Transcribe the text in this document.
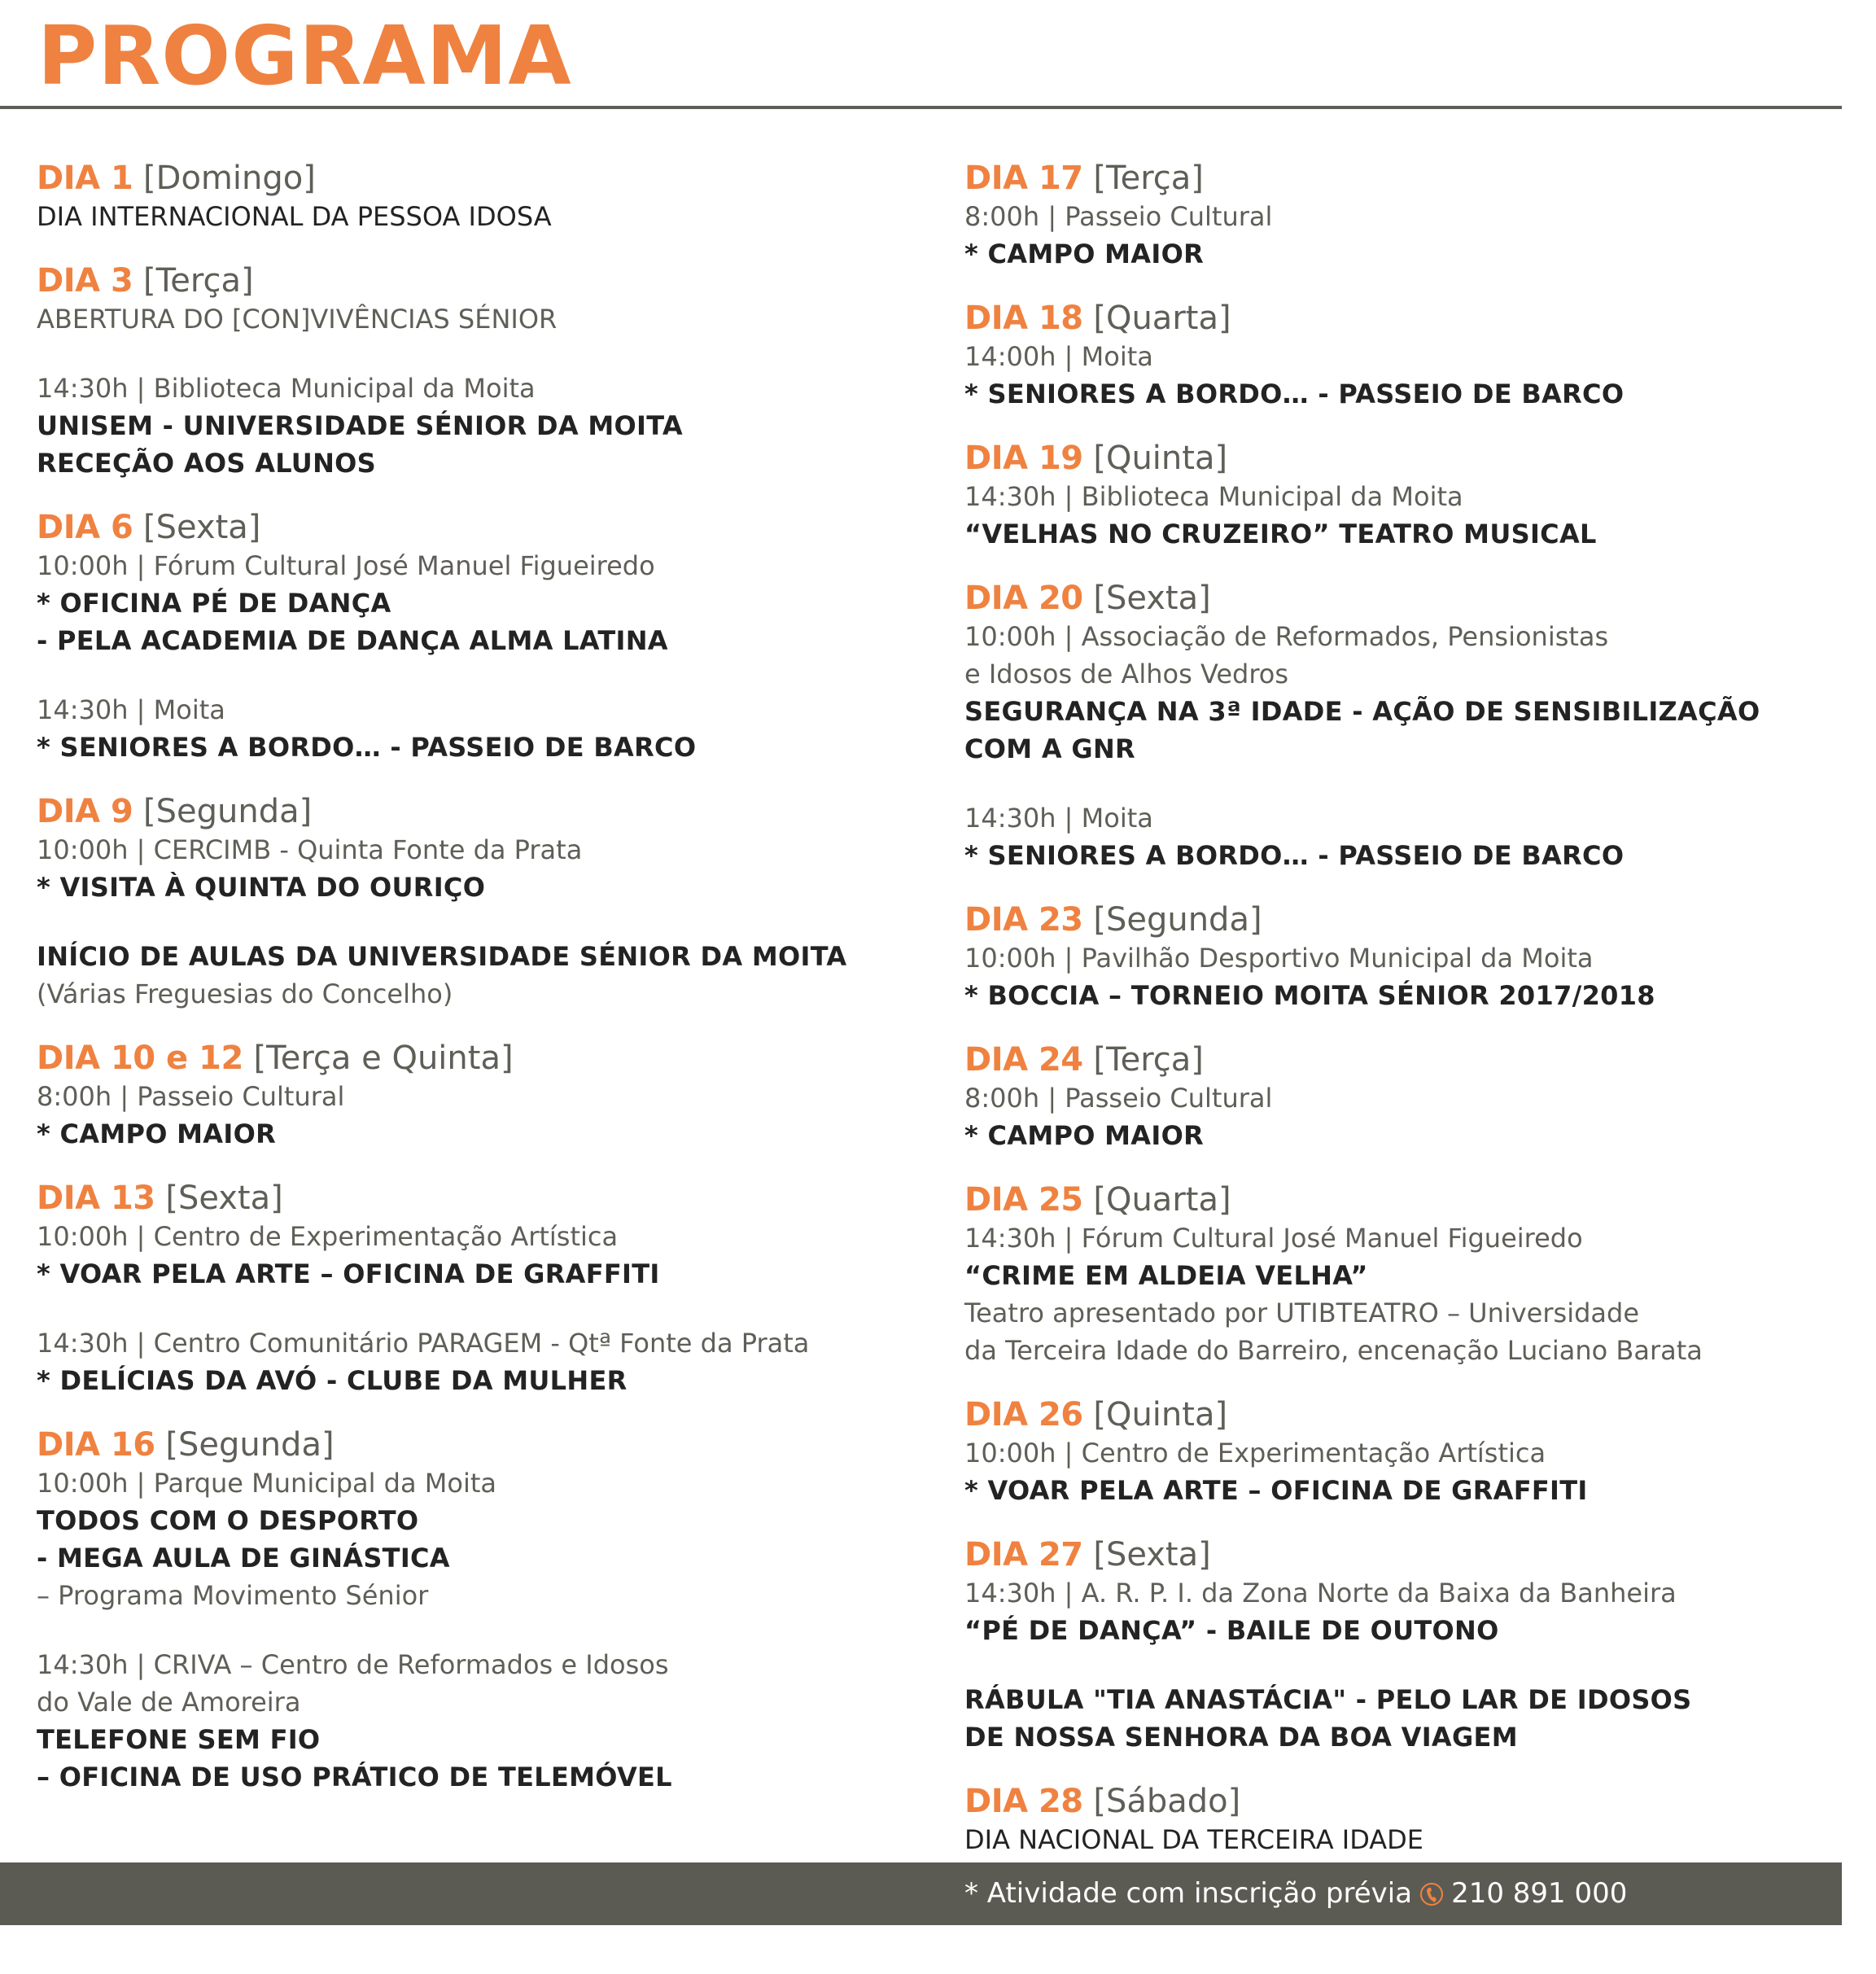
PROGRAMA
DIA 1 [Domingo]
DIA INTERNACIONAL DA PESSOA IDOSA
DIA 3 [Terça]
ABERTURA DO [CON]VIVÊNCIAS SÉNIOR
14:30h | Biblioteca Municipal da Moita
UNISEM - UNIVERSIDADE SÉNIOR DA MOITA
RECEÇÃO AOS ALUNOS
DIA 6 [Sexta]
10:00h | Fórum Cultural José Manuel Figueiredo
* OFICINA PÉ DE DANÇA
- PELA ACADEMIA DE DANÇA ALMA LATINA
14:30h | Moita
* SENIORES A BORDO… - PASSEIO DE BARCO
DIA 9 [Segunda]
10:00h | CERCIMB - Quinta Fonte da Prata
* VISITA À QUINTA DO OURIÇO
INÍCIO DE AULAS DA UNIVERSIDADE SÉNIOR DA MOITA
(Várias Freguesias do Concelho)
DIA 10 e 12 [Terça e Quinta]
8:00h | Passeio Cultural
* CAMPO MAIOR
DIA 13 [Sexta]
10:00h | Centro de Experimentação Artística
* VOAR PELA ARTE – OFICINA DE GRAFFITI
14:30h | Centro Comunitário PARAGEM - Qtª Fonte da Prata
* DELÍCIAS DA AVÓ - CLUBE DA MULHER
DIA 16 [Segunda]
10:00h | Parque Municipal da Moita
TODOS COM O DESPORTO
- MEGA AULA DE GINÁSTICA
– Programa Movimento Sénior
14:30h | CRIVA – Centro de Reformados e Idosos
do Vale de Amoreira
TELEFONE SEM FIO
– OFICINA DE USO PRÁTICO DE TELEMÓVEL
DIA 17 [Terça]
8:00h | Passeio Cultural
* CAMPO MAIOR
DIA 18 [Quarta]
14:00h | Moita
* SENIORES A BORDO… - PASSEIO DE BARCO
DIA 19 [Quinta]
14:30h | Biblioteca Municipal da Moita
“VELHAS NO CRUZEIRO” TEATRO MUSICAL
DIA 20 [Sexta]
10:00h | Associação de Reformados, Pensionistas
e Idosos de Alhos Vedros
SEGURANÇA NA 3ª IDADE - AÇÃO DE SENSIBILIZAÇÃO
COM A GNR
14:30h | Moita
* SENIORES A BORDO… - PASSEIO DE BARCO
DIA 23 [Segunda]
10:00h | Pavilhão Desportivo Municipal da Moita
* BOCCIA – TORNEIO MOITA SÉNIOR 2017/2018
DIA 24 [Terça]
8:00h | Passeio Cultural
* CAMPO MAIOR
DIA 25 [Quarta]
14:30h | Fórum Cultural José Manuel Figueiredo
“CRIME EM ALDEIA VELHA”
Teatro apresentado por UTIBTEATRO – Universidade
da Terceira Idade do Barreiro, encenação Luciano Barata
DIA 26 [Quinta]
10:00h | Centro de Experimentação Artística
* VOAR PELA ARTE – OFICINA DE GRAFFITI
DIA 27 [Sexta]
14:30h | A. R. P. I. da Zona Norte da Baixa da Banheira
“PÉ DE DANÇA” - BAILE DE OUTONO
RÁBULA "TIA ANASTÁCIA" - PELO LAR DE IDOSOS
DE NOSSA SENHORA DA BOA VIAGEM
DIA 28 [Sábado]
DIA NACIONAL DA TERCEIRA IDADE
* Atividade com inscrição prévia 210 891 000
